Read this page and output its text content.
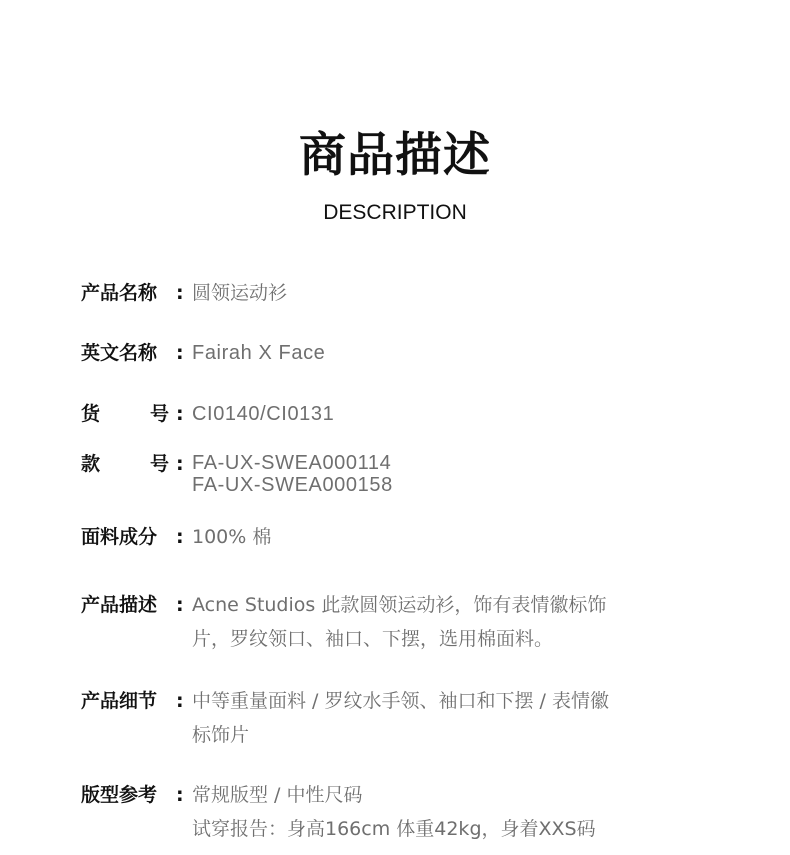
商品描述
DESCRIPTION
产品名称 : 圆领运动衫
英文名称 : Fairah X Face
货	号 : CI0140/CI0131
款	号 : FA-UX-SWEA000114
FA-UX-SWEA000158
面料成分 : 100% 棉
产品描述 : Acne Studios 此款圆领运动衫，饰有表情徽标饰
片，罗纹领口、袖口、下摆，选用棉面料。
产品细节 : 中等重量面料 / 罗纹水手领、袖口和下摆 / 表情徽
标饰片
版型参考 : 常规版型 / 中性尺码
试穿报告：身高166cm 体重42kg，身着XXS码
